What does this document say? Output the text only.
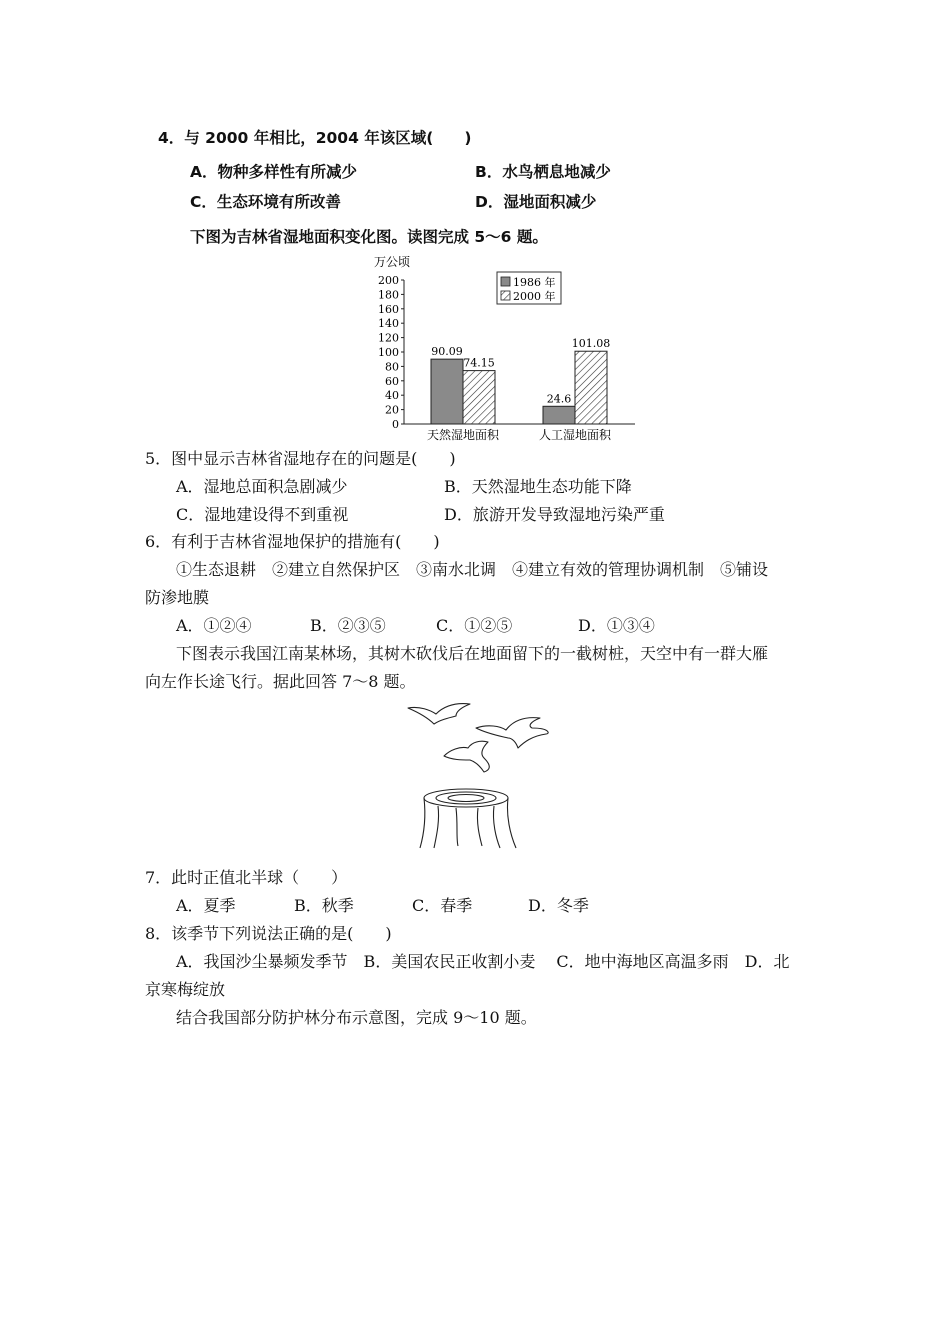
4．与 2000 年相比，2004 年该区域(　　)
A．物种多样性有所减少	B．水鸟栖息地减少
C．生态环境有所改善	D．湿地面积减少
下图为吉林省湿地面积变化图。读图完成 5～6 题。
万公顷
200
180
160
140
120
100
80
60
40
20
0
90.09
74.15
24.6
101.08
天然湿地面积	人工湿地面积
1986 年
2000 年
5．图中显示吉林省湿地存在的问题是(　　)
A．湿地总面积急剧减少	B．天然湿地生态功能下降
C．湿地建设得不到重视	D．旅游开发导致湿地污染严重
6．有利于吉林省湿地保护的措施有(　　)
①生态退耕　②建立自然保护区　③南水北调　④建立有效的管理协调机制　⑤铺设
防渗地膜
A．①②④	B．②③⑤	C．①②⑤	D．①③④
下图表示我国江南某林场，其树木砍伐后在地面留下的一截树桩，天空中有一群大雁
向左作长途飞行。据此回答 7～8 题。
7．此时正值北半球（　　）
A．夏季	B．秋季	C．春季	D．冬季
8．该季节下列说法正确的是(　　)
A．我国沙尘暴频发季节　B．美国农民正收割小麦　 C．地中海地区高温多雨　D．北
京寒梅绽放
结合我国部分防护林分布示意图，完成 9～10 题。
